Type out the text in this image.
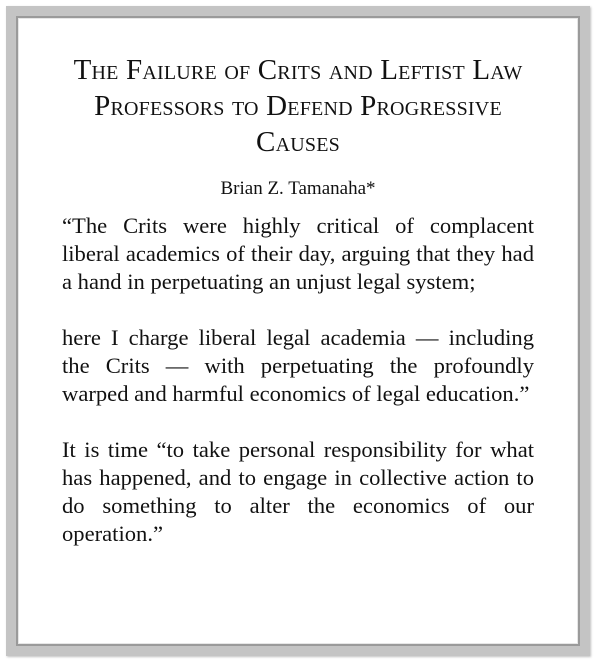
The Failure of Crits and Leftist Law Professors to Defend Progressive Causes

Brian Z. Tamanaha*

“The Crits were highly critical of complacent liberal academics of their day, arguing that they had a hand in perpetuating an unjust legal system;

here I charge liberal legal academia — including the Crits — with perpetuating the profoundly warped and harmful economics of legal education.”

It is time “to take personal responsibility for what has happened, and to engage in collective action to do something to alter the economics of our operation.”
